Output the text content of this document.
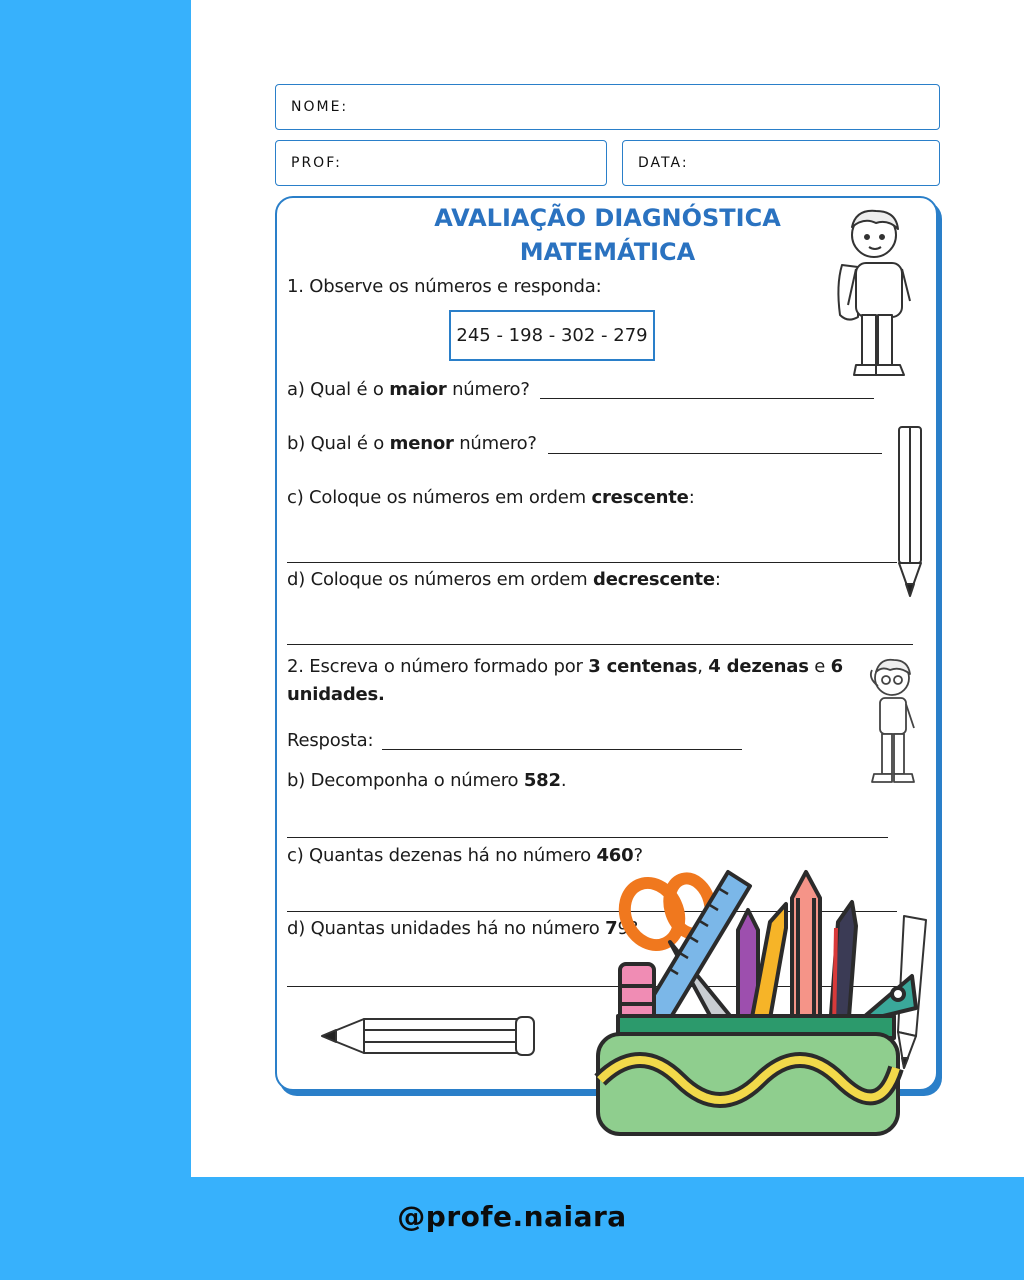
NOME:
PROF:	DATA:
AVALIAÇÃO DIAGNÓSTICA
MATEMÁTICA
1. Observe os números e responda:
245 - 198 - 302 - 279
a) Qual é o maior número?
b) Qual é o menor número?
c) Coloque os números em ordem crescente:
d) Coloque os números em ordem decrescente:
2. Escreva o número formado por 3 centenas, 4 dezenas e 6
unidades.
Resposta:
b) Decomponha o número 582.
c) Quantas dezenas há no número 460?
d) Quantas unidades há no número 79?
@profe.naiara
